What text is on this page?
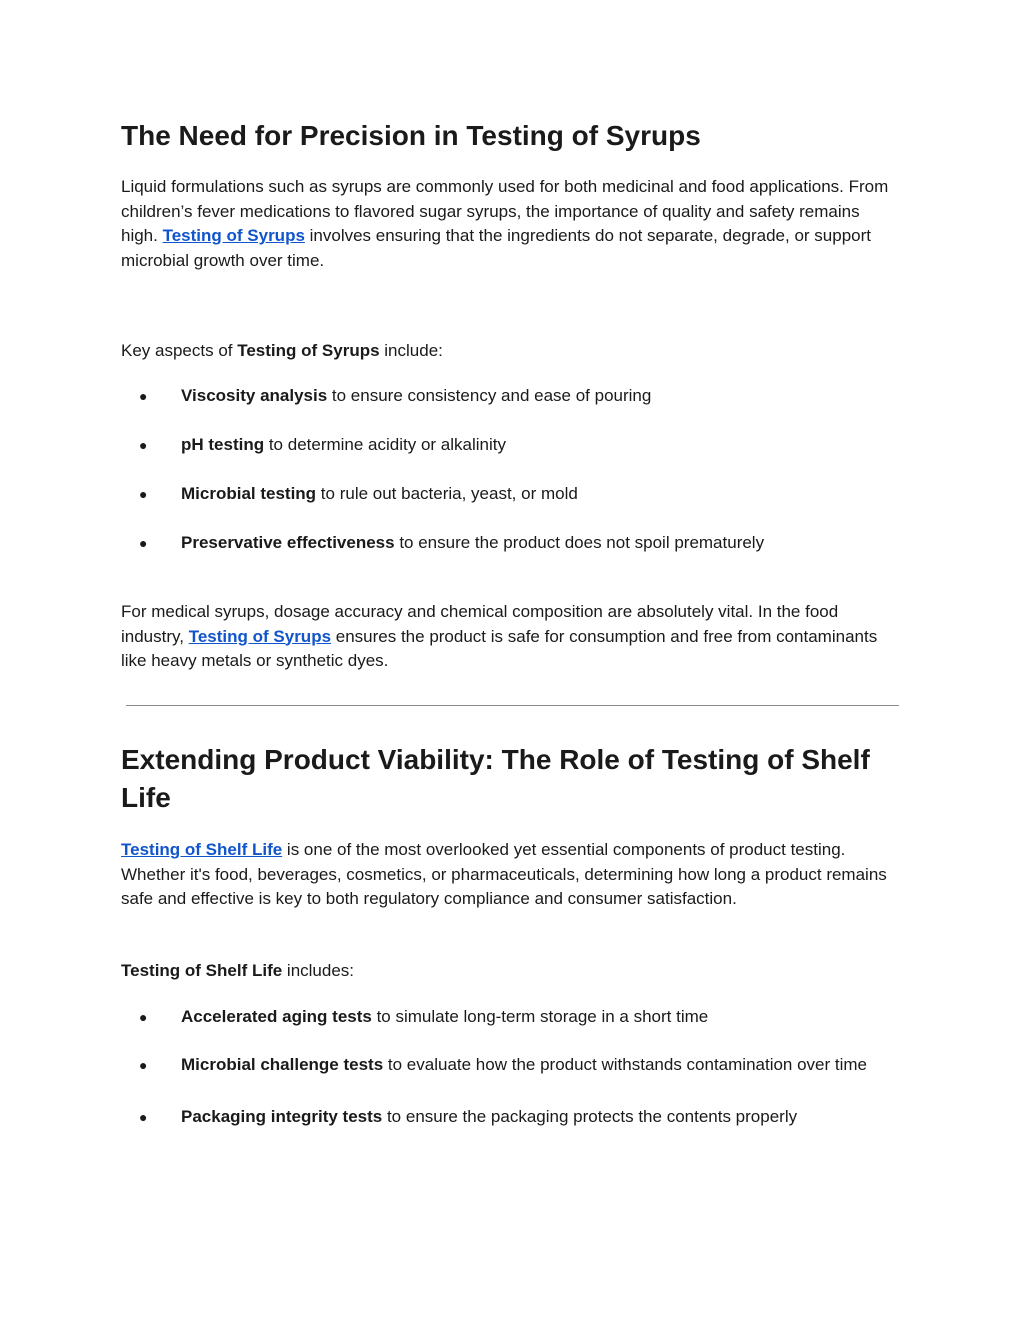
The Need for Precision in Testing of Syrups

Liquid formulations such as syrups are commonly used for both medicinal and food applications. From children’s fever medications to flavored sugar syrups, the importance of quality and safety remains high. Testing of Syrups involves ensuring that the ingredients do not separate, degrade, or support microbial growth over time.

Key aspects of Testing of Syrups include:

● Viscosity analysis to ensure consistency and ease of pouring
● pH testing to determine acidity or alkalinity
● Microbial testing to rule out bacteria, yeast, or mold
● Preservative effectiveness to ensure the product does not spoil prematurely

For medical syrups, dosage accuracy and chemical composition are absolutely vital. In the food industry, Testing of Syrups ensures the product is safe for consumption and free from contaminants like heavy metals or synthetic dyes.

Extending Product Viability: The Role of Testing of Shelf Life

Testing of Shelf Life is one of the most overlooked yet essential components of product testing. Whether it's food, beverages, cosmetics, or pharmaceuticals, determining how long a product remains safe and effective is key to both regulatory compliance and consumer satisfaction.

Testing of Shelf Life includes:

● Accelerated aging tests to simulate long-term storage in a short time
● Microbial challenge tests to evaluate how the product withstands contamination over time
● Packaging integrity tests to ensure the packaging protects the contents properly
